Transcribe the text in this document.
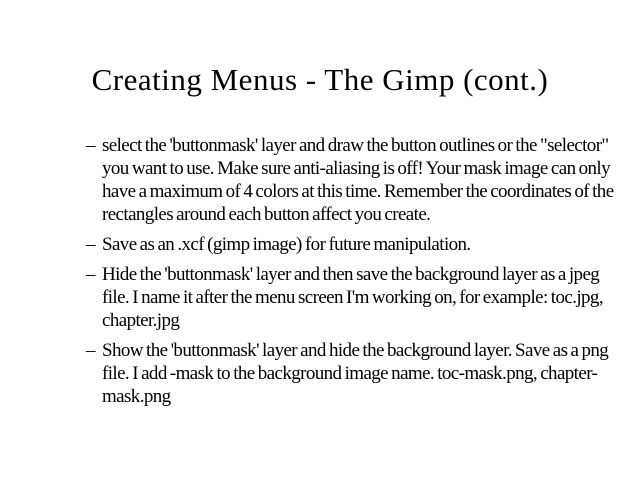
Creating Menus - The Gimp (cont.)
– select the 'buttonmask' layer and draw the button outlines or the "selector" you want to use. Make sure anti-aliasing is off! Your mask image can only have a maximum of 4 colors at this time. Remember the coordinates of the rectangles around each button affect you create.
– Save as an .xcf (gimp image) for future manipulation.
– Hide the 'buttonmask' layer and then save the background layer as a jpeg file. I name it after the menu screen I'm working on, for example: toc.jpg, chapter.jpg
– Show the 'buttonmask' layer and hide the background layer. Save as a png file. I add -mask to the background image name. toc-mask.png, chapter-mask.png
